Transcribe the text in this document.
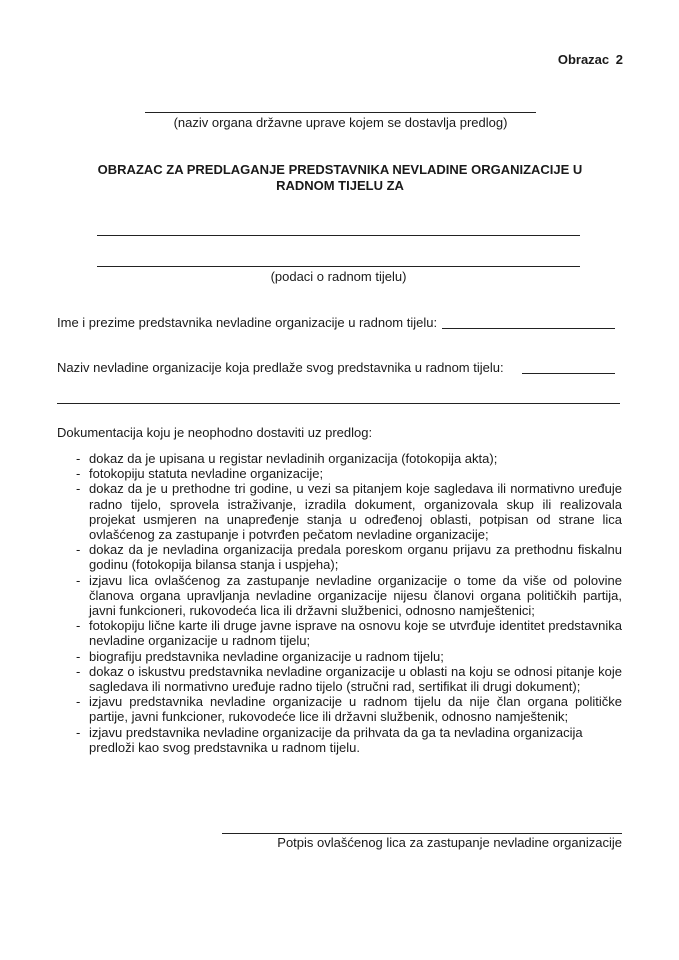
Obrazac 2
(naziv organa državne uprave kojem se dostavlja predlog)
OBRAZAC ZA PREDLAGANJE PREDSTAVNIKA NEVLADINE ORGANIZACIJE U
RADNOM TIJELU ZA
(podaci o radnom tijelu)
Ime i prezime predstavnika nevladine organizacije u radnom tijelu:
Naziv nevladine organizacije koja predlaže svog predstavnika u radnom tijelu:
Dokumentacija koju je neophodno dostaviti uz predlog:
- dokaz da je upisana u registar nevladinih organizacija (fotokopija akta);
- fotokopiju statuta nevladine organizacije;
- dokaz da je u prethodne tri godine, u vezi sa pitanjem koje sagledava ili normativno uređuje radno tijelo, sprovela istraživanje, izradila dokument, organizovala skup ili realizovala projekat usmjeren na unapređenje stanja u određenoj oblasti, potpisan od strane lica ovlašćenog za zastupanje i potvrđen pečatom nevladine organizacije;
- dokaz da je nevladina organizacija predala poreskom organu prijavu za prethodnu fiskalnu godinu (fotokopija bilansa stanja i uspjeha);
- izjavu lica ovlašćenog za zastupanje nevladine organizacije o tome da više od polovine članova organa upravljanja nevladine organizacije nijesu članovi organa političkih partija, javni funkcioneri, rukovodeća lica ili državni službenici, odnosno namještenici;
- fotokopiju lične karte ili druge javne isprave na osnovu koje se utvrđuje identitet predstavnika nevladine organizacije u radnom tijelu;
- biografiju predstavnika nevladine organizacije u radnom tijelu;
- dokaz o iskustvu predstavnika nevladine organizacije u oblasti na koju se odnosi pitanje koje sagledava ili normativno uređuje radno tijelo (stručni rad, sertifikat ili drugi dokument);
- izjavu predstavnika nevladine organizacije u radnom tijelu da nije član organa političke partije, javni funkcioner, rukovodeće lice ili državni službenik, odnosno namještenik;
- izjavu predstavnika nevladine organizacije da prihvata da ga ta nevladina organizacija predloži kao svog predstavnika u radnom tijelu.
Potpis ovlašćenog lica za zastupanje nevladine organizacije
